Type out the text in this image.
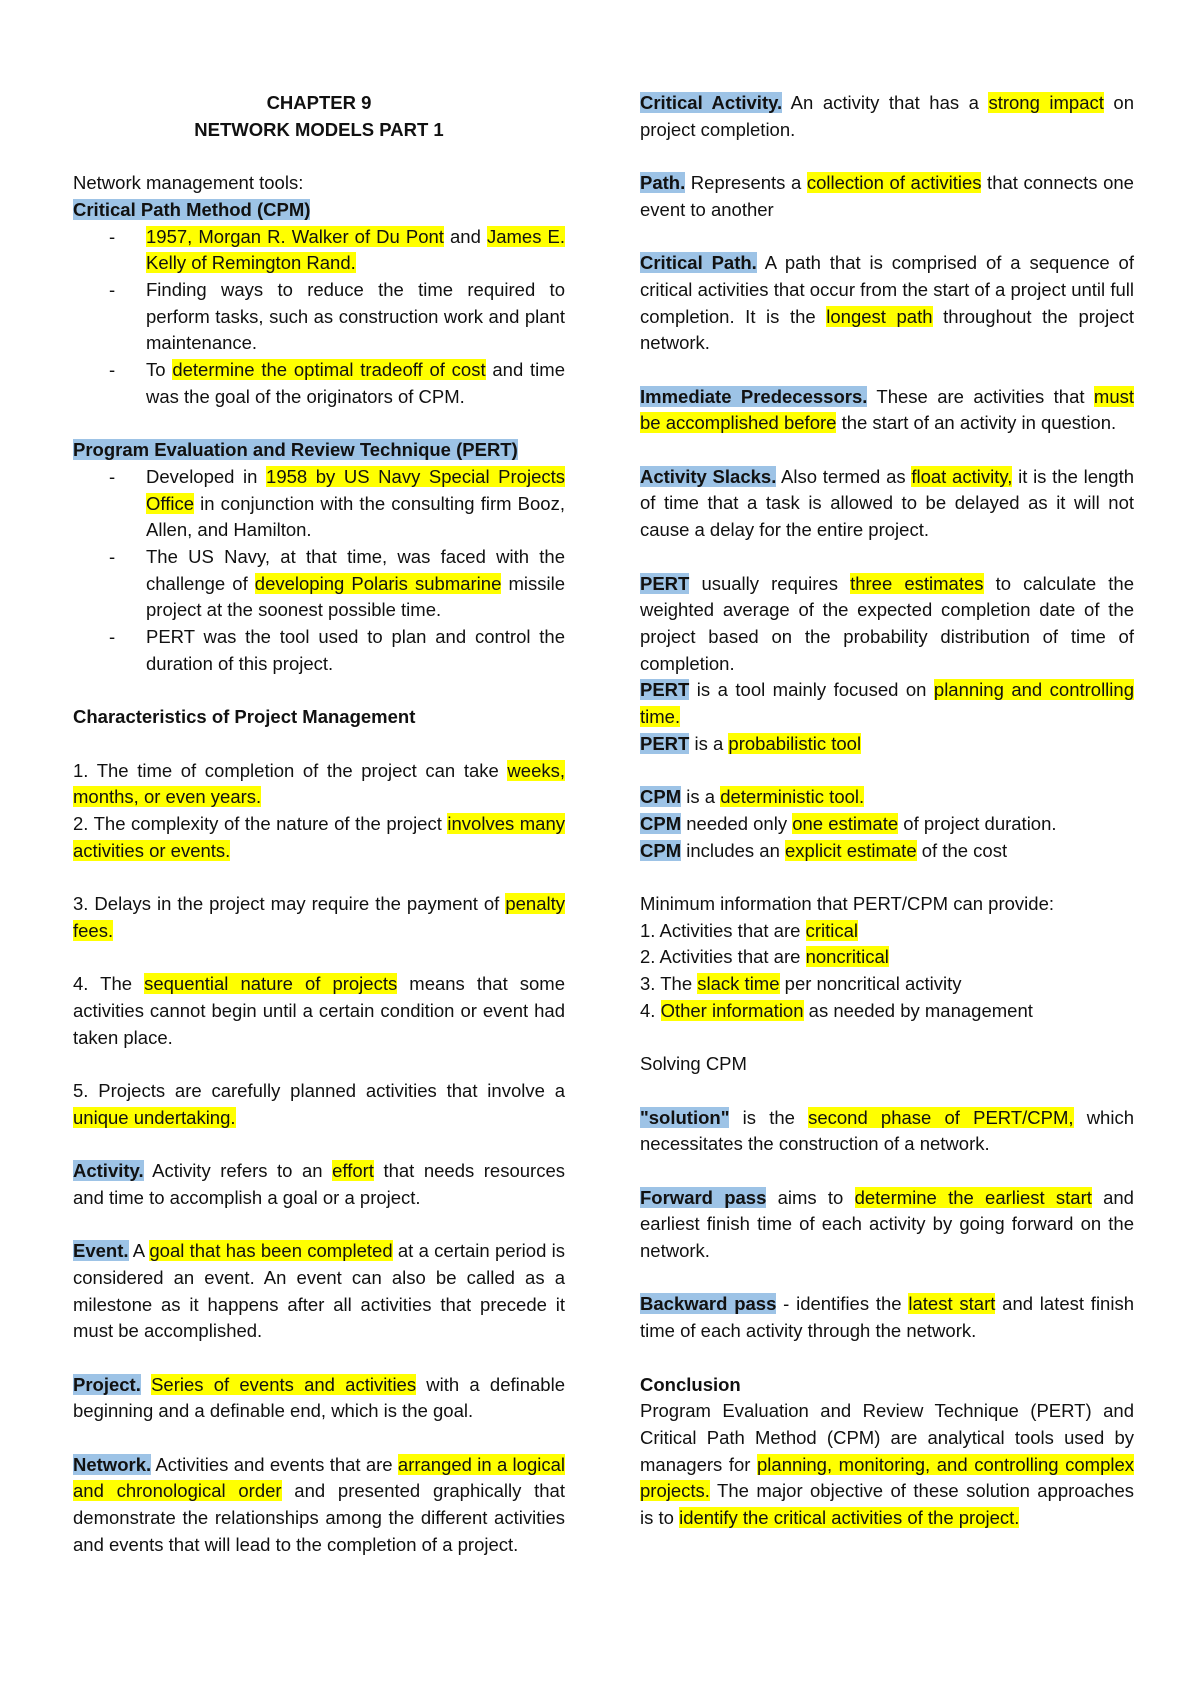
CHAPTER 9

NETWORK MODELS PART 1

Network management tools:

Critical Path Method (CPM)

-	1957, Morgan R. Walker of Du Pont and James E. Kelly of Remington Rand.

-	Finding ways to reduce the time required to perform tasks, such as construction work and plant maintenance.

-	To determine the optimal tradeoff of cost and time was the goal of the originators of CPM.

Program Evaluation and Review Technique (PERT)

-	Developed in 1958 by US Navy Special Projects Office in conjunction with the consulting firm Booz, Allen, and Hamilton.

-	The US Navy, at that time, was faced with the challenge of developing Polaris submarine missile project at the soonest possible time.

-	PERT was the tool used to plan and control the duration of this project.

Characteristics of Project Management

1. The time of completion of the project can take weeks, months, or even years.

2. The complexity of the nature of the project involves many activities or events.

3. Delays in the project may require the payment of penalty fees.

4. The sequential nature of projects means that some activities cannot begin until a certain condition or event had taken place.

5. Projects are carefully planned activities that involve a unique undertaking.

Activity. Activity refers to an effort that needs resources and time to accomplish a goal or a project.

Event. A goal that has been completed at a certain period is considered an event. An event can also be called as a milestone as it happens after all activities that precede it must be accomplished.

Project. Series of events and activities with a definable beginning and a definable end, which is the goal.

Network. Activities and events that are arranged in a logical and chronological order and presented graphically that demonstrate the relationships among the different activities and events that will lead to the completion of a project.

Critical Activity. An activity that has a strong impact on project completion.

Path. Represents a collection of activities that connects one event to another

Critical Path. A path that is comprised of a sequence of critical activities that occur from the start of a project until full completion. It is the longest path throughout the project network.

Immediate Predecessors. These are activities that must be accomplished before the start of an activity in question.

Activity Slacks. Also termed as float activity, it is the length of time that a task is allowed to be delayed as it will not cause a delay for the entire project.

PERT usually requires three estimates to calculate the weighted average of the expected completion date of the project based on the probability distribution of time of completion.

PERT is a tool mainly focused on planning and controlling time.

PERT is a probabilistic tool

CPM is a deterministic tool.

CPM needed only one estimate of project duration.

CPM includes an explicit estimate of the cost

Minimum information that PERT/CPM can provide:

1. Activities that are critical

2. Activities that are noncritical

3. The slack time per noncritical activity

4. Other information as needed by management

Solving CPM

"solution" is the second phase of PERT/CPM, which necessitates the construction of a network.

Forward pass aims to determine the earliest start and earliest finish time of each activity by going forward on the network.

Backward pass - identifies the latest start and latest finish time of each activity through the network.

Conclusion

Program Evaluation and Review Technique (PERT) and Critical Path Method (CPM) are analytical tools used by managers for planning, monitoring, and controlling complex projects. The major objective of these solution approaches is to identify the critical activities of the project.
